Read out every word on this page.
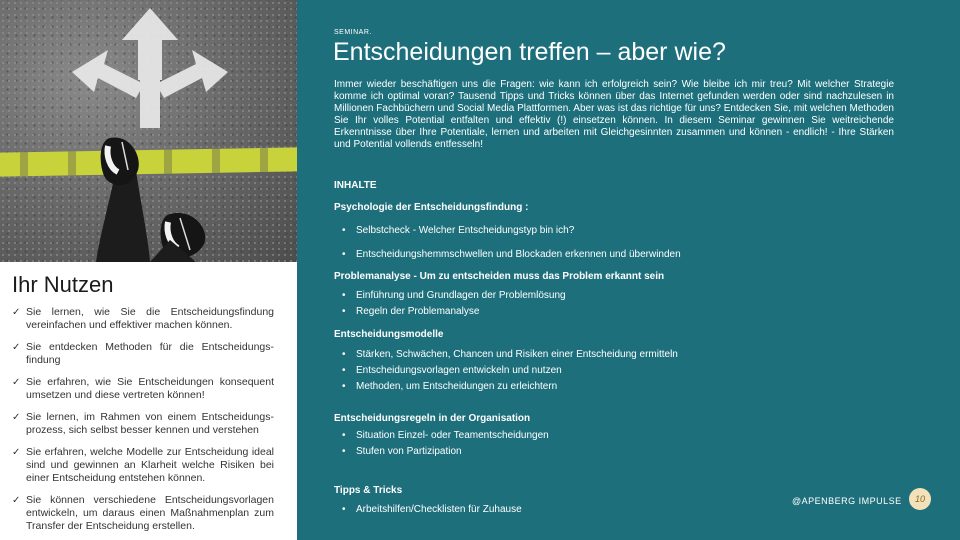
Ihr Nutzen
✓ Sie lernen, wie Sie die Entscheidungsfindung vereinfachen und effektiver machen können.
✓ Sie entdecken Methoden für die Entscheidungs-findung
✓ Sie erfahren, wie Sie Entscheidungen konsequent umsetzen und diese vertreten können!
✓ Sie lernen, im Rahmen von einem Entscheidungs-prozess, sich selbst besser kennen und verstehen
✓ Sie erfahren, welche Modelle zur Entscheidung ideal sind und gewinnen an Klarheit welche Risiken bei einer Entscheidung entstehen können.
✓ Sie können verschiedene Entscheidungsvorlagen entwickeln, um daraus einen Maßnahmenplan zum Transfer der Entscheidung erstellen.
SEMINAR.
Entscheidungen treffen – aber wie?

Immer wieder beschäftigen uns die Fragen: wie kann ich erfolgreich sein? Wie bleibe ich mir treu? Mit welcher Strategie komme ich optimal voran? Tausend Tipps und Tricks können über das Internet gefunden werden oder sind nachzulesen in Millionen Fachbüchern und Social Media Plattformen. Aber was ist das richtige für uns? Entdecken Sie, mit welchen Methoden Sie Ihr volles Potential entfalten und effektiv (!) einsetzen können. In diesem Seminar gewinnen Sie weitreichende Erkenntnisse über Ihre Potentiale, lernen und arbeiten mit Gleichgesinnten zusammen und können - endlich! - Ihre Stärken und Potential vollends entfesseln!

INHALTE
Psychologie der Entscheidungsfindung :
• Selbstcheck - Welcher Entscheidungstyp bin ich?
• Entscheidungshemmschwellen und Blockaden erkennen und überwinden
Problemanalyse - Um zu entscheiden muss das Problem erkannt sein
• Einführung und Grundlagen der Problemlösung
• Regeln der Problemanalyse
Entscheidungsmodelle
• Stärken, Schwächen, Chancen und Risiken einer Entscheidung ermitteln
• Entscheidungsvorlagen entwickeln und nutzen
• Methoden, um Entscheidungen zu erleichtern
Entscheidungsregeln in der Organisation
• Situation Einzel- oder Teamentscheidungen
• Stufen von Partizipation
Tipps & Tricks
• Arbeitshilfen/Checklisten für Zuhause
@APENBERG IMPULSE	10
